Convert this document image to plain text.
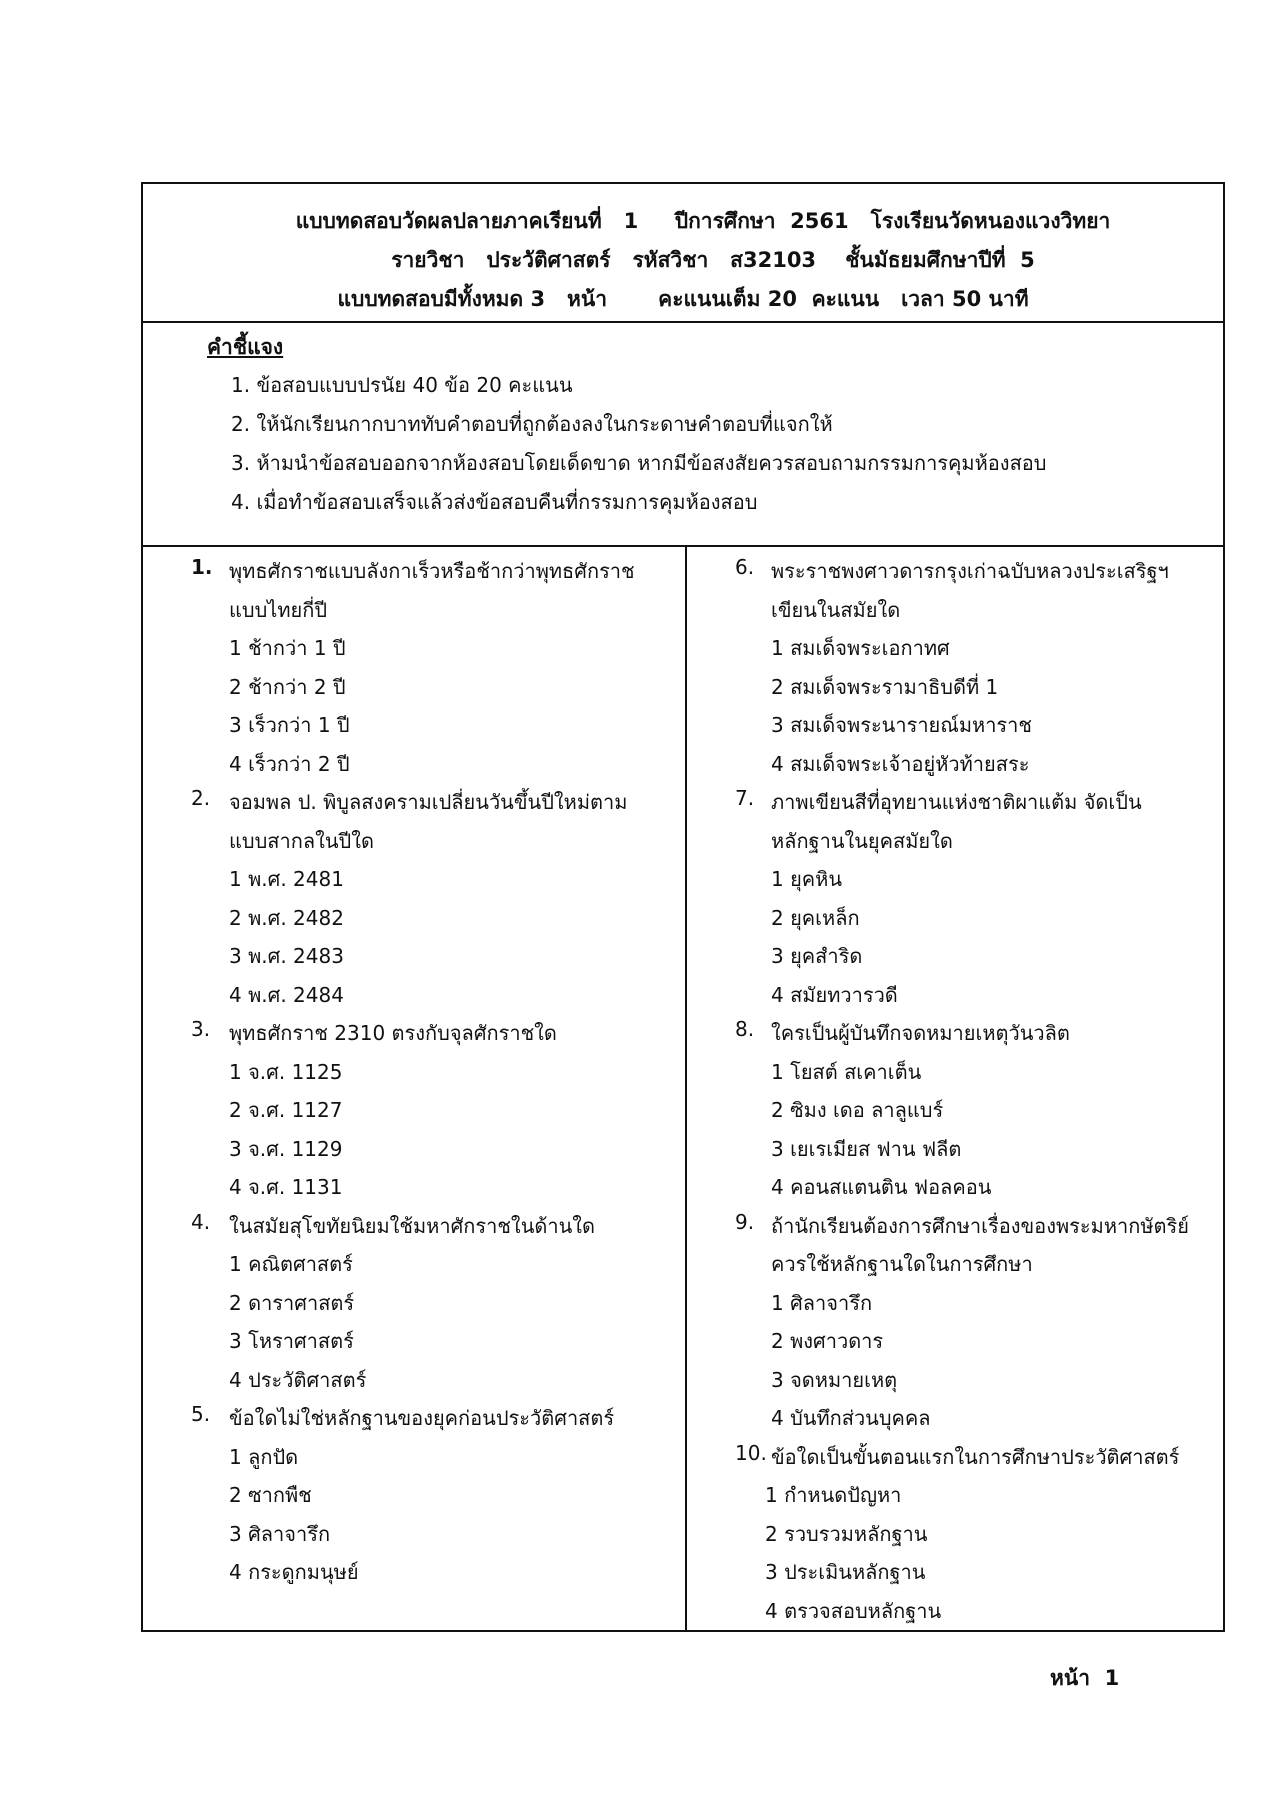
แบบทดสอบวัดผลปลายภาคเรียนที่   1     ปีการศึกษา  2561   โรงเรียนวัดหนองแวงวิทยา
รายวิชา   ประวัติศาสตร์   รหัสวิชา   ส32103    ชั้นมัธยมศึกษาปีที่  5
แบบทดสอบมีทั้งหมด 3   หน้า       คะแนนเต็ม 20  คะแนน   เวลา 50 นาที
คำชี้แจง
1. ข้อสอบแบบปรนัย 40 ข้อ 20 คะแนน
2. ให้นักเรียนกากบาททับคำตอบที่ถูกต้องลงในกระดาษคำตอบที่แจกให้
3. ห้ามนำข้อสอบออกจากห้องสอบโดยเด็ดขาด หากมีข้อสงสัยควรสอบถามกรรมการคุมห้องสอบ
4. เมื่อทำข้อสอบเสร็จแล้วส่งข้อสอบคืนที่กรรมการคุมห้องสอบ
1. พุทธศักราชแบบลังกาเร็วหรือช้ากว่าพุทธศักราช
แบบไทยกี่ปี
1 ช้ากว่า 1 ปี
2 ช้ากว่า 2 ปี
3 เร็วกว่า 1 ปี
4 เร็วกว่า 2 ปี
2. จอมพล ป. พิบูลสงครามเปลี่ยนวันขึ้นปีใหม่ตาม
แบบสากลในปีใด
1 พ.ศ. 2481
2 พ.ศ. 2482
3 พ.ศ. 2483
4 พ.ศ. 2484
3. พุทธศักราช 2310 ตรงกับจุลศักราชใด
1 จ.ศ. 1125
2 จ.ศ. 1127
3 จ.ศ. 1129
4 จ.ศ. 1131
4. ในสมัยสุโขทัยนิยมใช้มหาศักราชในด้านใด
1 คณิตศาสตร์
2 ดาราศาสตร์
3 โหราศาสตร์
4 ประวัติศาสตร์
5. ข้อใดไม่ใช่หลักฐานของยุคก่อนประวัติศาสตร์
1 ลูกปัด
2 ซากพืช
3 ศิลาจารึก
4 กระดูกมนุษย์
6. พระราชพงศาวดารกรุงเก่าฉบับหลวงประเสริฐฯ
เขียนในสมัยใด
1 สมเด็จพระเอกาทศ
2 สมเด็จพระรามาธิบดีที่ 1
3 สมเด็จพระนารายณ์มหาราช
4 สมเด็จพระเจ้าอยู่หัวท้ายสระ
7. ภาพเขียนสีที่อุทยานแห่งชาติผาแต้ม จัดเป็น
หลักฐานในยุคสมัยใด
1 ยุคหิน
2 ยุคเหล็ก
3 ยุคสำริด
4 สมัยทวารวดี
8. ใครเป็นผู้บันทึกจดหมายเหตุวันวลิต
1 โยสต์ สเคาเต็น
2 ซิมง เดอ ลาลูแบร์
3 เยเรเมียส ฟาน ฟลีต
4 คอนสแตนติน ฟอลคอน
9. ถ้านักเรียนต้องการศึกษาเรื่องของพระมหากษัตริย์
ควรใช้หลักฐานใดในการศึกษา
1 ศิลาจารึก
2 พงศาวดาร
3 จดหมายเหตุ
4 บันทึกส่วนบุคคล
10. ข้อใดเป็นขั้นตอนแรกในการศึกษาประวัติศาสตร์
1 กำหนดปัญหา
2 รวบรวมหลักฐาน
3 ประเมินหลักฐาน
4 ตรวจสอบหลักฐาน
หน้า  1
